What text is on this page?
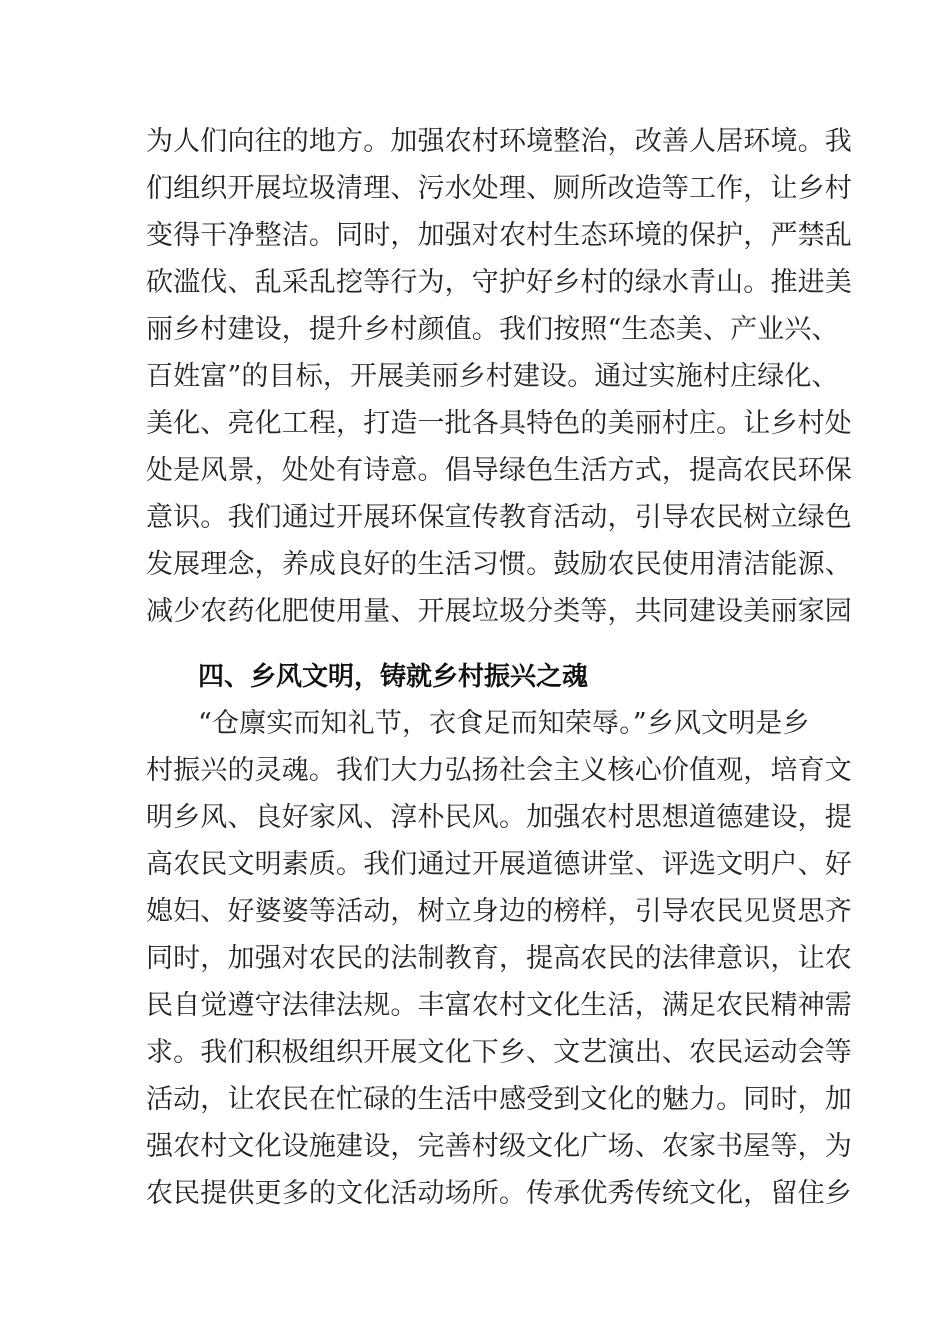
为人们向往的地方。加强农村环境整治，改善人居环境。我
们组织开展垃圾清理、污水处理、厕所改造等工作，让乡村
变得干净整洁。同时，加强对农村生态环境的保护，严禁乱
砍滥伐、乱采乱挖等行为，守护好乡村的绿水青山。推进美
丽乡村建设，提升乡村颜值。我们按照“生态美、产业兴、
百姓富”的目标，开展美丽乡村建设。通过实施村庄绿化、
美化、亮化工程，打造一批各具特色的美丽村庄。让乡村处
处是风景，处处有诗意。倡导绿色生活方式，提高农民环保
意识。我们通过开展环保宣传教育活动，引导农民树立绿色
发展理念，养成良好的生活习惯。鼓励农民使用清洁能源、
减少农药化肥使用量、开展垃圾分类等，共同建设美丽家园
四、乡风文明，铸就乡村振兴之魂
“仓廪实而知礼节，衣食足而知荣辱。”乡风文明是乡
村振兴的灵魂。我们大力弘扬社会主义核心价值观，培育文
明乡风、良好家风、淳朴民风。加强农村思想道德建设，提
高农民文明素质。我们通过开展道德讲堂、评选文明户、好
媳妇、好婆婆等活动，树立身边的榜样，引导农民见贤思齐
同时，加强对农民的法制教育，提高农民的法律意识，让农
民自觉遵守法律法规。丰富农村文化生活，满足农民精神需
求。我们积极组织开展文化下乡、文艺演出、农民运动会等
活动，让农民在忙碌的生活中感受到文化的魅力。同时，加
强农村文化设施建设，完善村级文化广场、农家书屋等，为
农民提供更多的文化活动场所。传承优秀传统文化，留住乡
